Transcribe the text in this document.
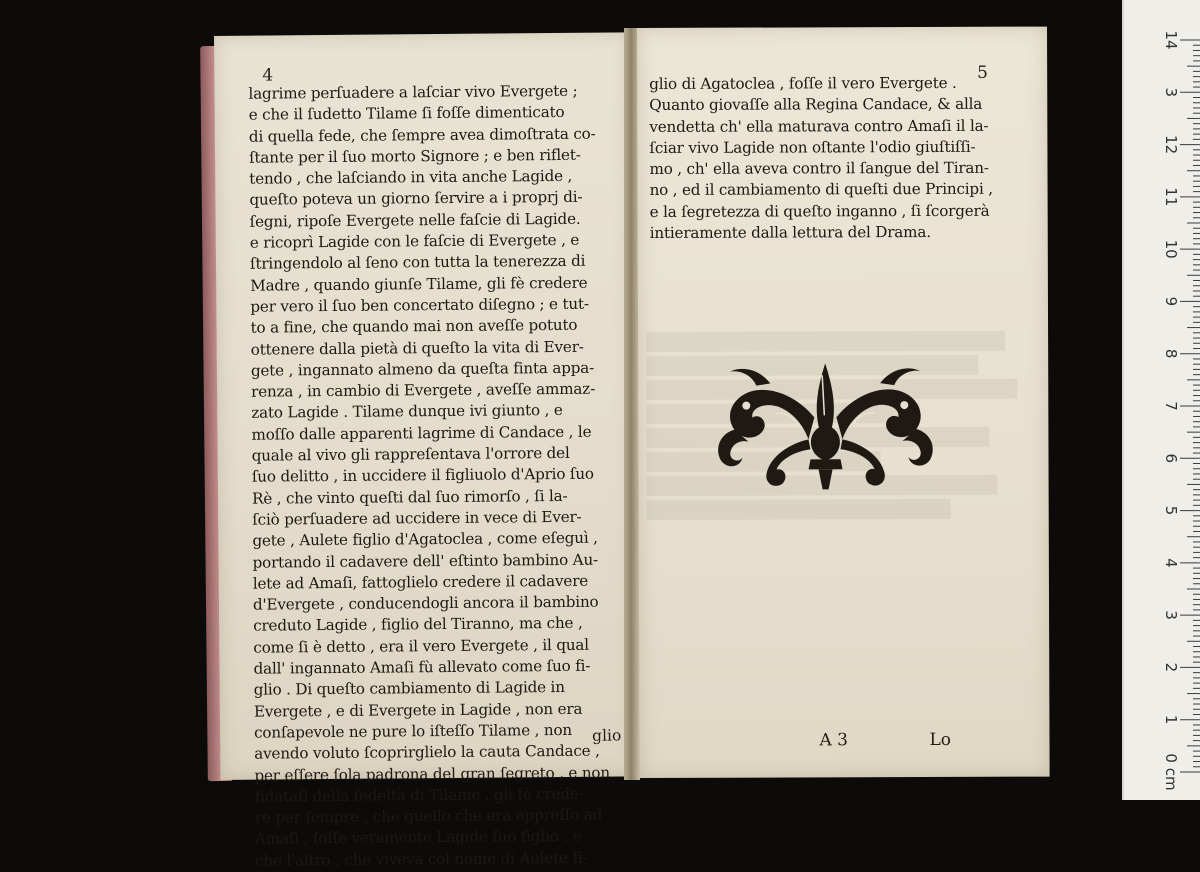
4
lagrime perſuadere a laſciar vivo Evergete ;
e che il ſudetto Tilame ſi foſſe dimenticato
di quella fede, che ſempre avea dimoſtrata co-
ſtante per il ſuo morto Signore ; e ben riflet-
tendo , che laſciando in vita anche Lagide ,
queſto poteva un giorno ſervire a i proprj di-
ſegni, ripoſe Evergete nelle faſcie di Lagide.
e ricoprì Lagide con le faſcie di Evergete , e
ſtringendolo al ſeno con tutta la tenerezza di
Madre , quando giunſe Tilame, gli fè credere
per vero il ſuo ben concertato diſegno ; e tut-
to a fine, che quando mai non aveſſe potuto
ottenere dalla pietà di queſto la vita di Ever-
gete , ingannato almeno da queſta finta appa-
renza , in cambio di Evergete , aveſſe ammaz-
zato Lagide . Tilame dunque ivi giunto , e
moſſo dalle apparenti lagrime di Candace , le
quale al vivo gli rappreſentava l'orrore del
ſuo delitto , in uccidere il figliuolo d'Aprio ſuo
Rè , che vinto queſti dal ſuo rimorſo , ſi la-
ſciò perſuadere ad uccidere in vece di Ever-
gete , Aulete figlio d'Agatoclea , come eſeguì ,
portando il cadavere dell' eſtinto bambino Au-
lete ad Amaſi, fattoglielo credere il cadavere
d'Evergete , conducendogli ancora il bambino
creduto Lagide , figlio del Tiranno, ma che ,
come ſi è detto , era il vero Evergete , il qual
dall' ingannato Amaſi fù allevato come ſuo fi-
glio . Di queſto cambiamento di Lagide in
Evergete , e di Evergete in Lagide , non era
conſapevole ne pure lo iſteſſo Tilame , non
avendo voluto ſcoprirglielo la cauta Candace ,
per eſſere ſola padrona del gran ſegreto , e non
fidataſi della fedeltà di Tilame , gli fè crede-
re per ſempre , che quello che era appreſſo ad
Amaſi , foſſe veramente Lagide ſuo figlio , e
che l'altro , che viveva col nome di Aulete fi-
glio
5
glio di Agatoclea , foſſe il vero Evergete .
Quanto giovaſſe alla Regina Candace, & alla
vendetta ch' ella maturava contro Amaſi il la-
ſciar vivo Lagide non oſtante l'odio giuſtiſſi-
mo , ch' ella aveva contro il ſangue del Tiran-
no , ed il cambiamento di queſti due Principi ,
e la ſegretezza di queſto inganno , ſi ſcorgerà
intieramente dalla lettura del Drama.
A 3	Lo
14
3
12
11
10
9
8
7
6
5
4
3
2
1
0 cm
